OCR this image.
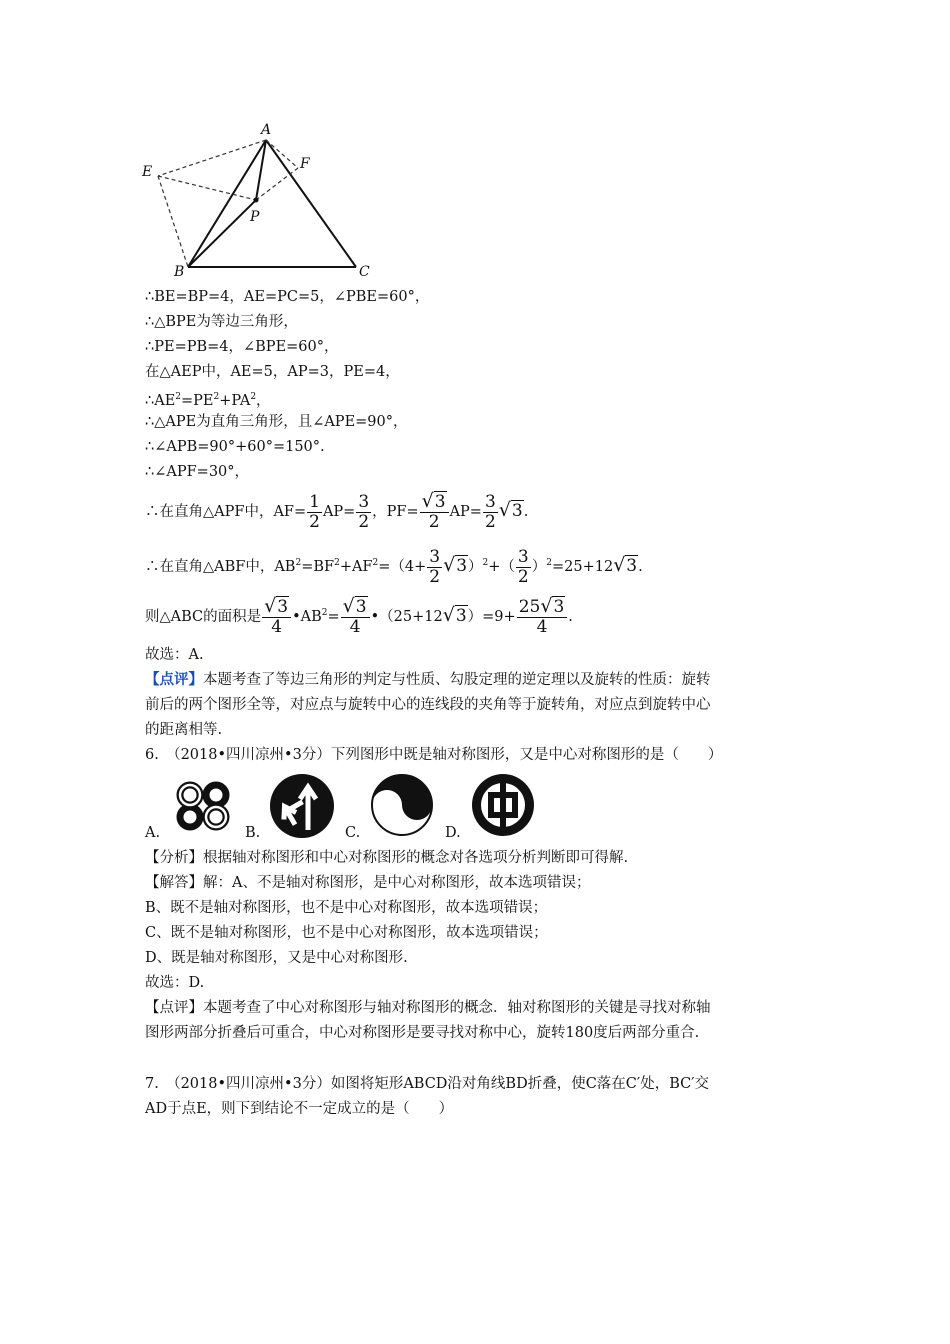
A
E	F
P
B	C
∴BE=BP=4，AE=PC=5，∠PBE=60°，
∴△BPE为等边三角形，
∴PE=PB=4，∠BPE=60°，
在△AEP中，AE=5，AP=3，PE=4，
$\therefore AE^2=PE^2+PA^2$，
∴△APE为直角三角形，且∠APE=90°，
∴∠APB=90°+60°=150°.
∴∠APF=30°，
∴在直角△APF中，$AF= \frac{1}{2} AP= \frac{3}{2}$ ，$PF= \frac{√3}{2} AP= \frac{3}{2} √3$.
∴在直角△ABF中，$AB^2=BF^2+AF^2=(4+ \frac{3}{2} √3)^2+( \frac{3}{2} )^2=25+12√3$.
则△ABC的面积是 $\frac{√3}{4}$ $•AB^2= \frac{√3}{4}$ •（25+12√3）=9+ $\frac{25√3}{4}$ .
故选：A.
【点评】本题考查了等边三角形的判定与性质、勾股定理的逆定理以及旋转的性质：旋转
前后的两个图形全等，对应点与旋转中心的连线段的夹角等于旋转角，对应点到旋转中心
的距离相等.
6.　（2018•四川凉州•3分）下列图形中既是轴对称图形，又是中心对称图形的是（　　）
A.	B.	C.	D.
【分析】根据轴对称图形和中心对称图形的概念对各选项分析判断即可得解.
【解答】解：A、不是轴对称图形，是中心对称图形，故本选项错误；
B、既不是轴对称图形，也不是中心对称图形，故本选项错误；
C、既不是轴对称图形，也不是中心对称图形，故本选项错误；
D、既是轴对称图形，又是中心对称图形.
故选：D.
【点评】本题考查了中心对称图形与轴对称图形的概念．轴对称图形的关键是寻找对称轴
图形两部分折叠后可重合，中心对称图形是要寻找对称中心，旋转180度后两部分重合.
7.　（2018•四川凉州•3分）如图将矩形ABCD沿对角线BD折叠，使C落在C′处，BC′交
AD于点E，则下到结论不一定成立的是（　　）
